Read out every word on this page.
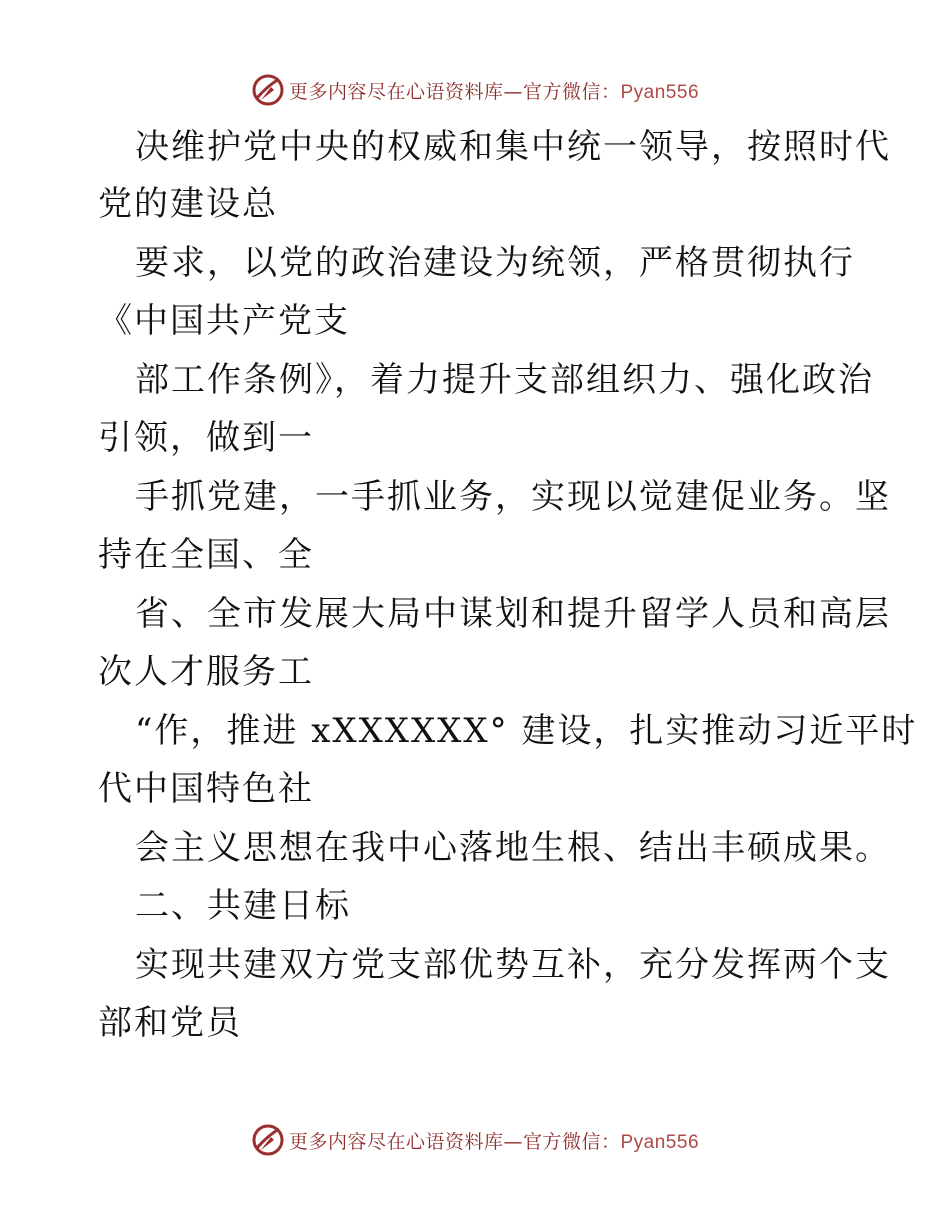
更多内容尽在心语资料库—官方微信：Pyan556

决维护党中央的权威和集中统一领导，按照时代

党的建设总

要求，以党的政治建设为统领，严格贯彻执行

《中国共产党支

部工作条例》，着力提升支部组织力、强化政治

引领，做到一

手抓党建，一手抓业务，实现以觉建促业务。坚

持在全国、全

省、全市发展大局中谋划和提升留学人员和高层

次人才服务工

“作，推进 xXXXXXX° 建设，扎实推动习近平时

代中国特色社

会主义思想在我中心落地生根、结出丰硕成果。

二、共建日标

实现共建双方党支部优势互补，充分发挥两个支

部和党员

更多内容尽在心语资料库—官方微信：Pyan556
